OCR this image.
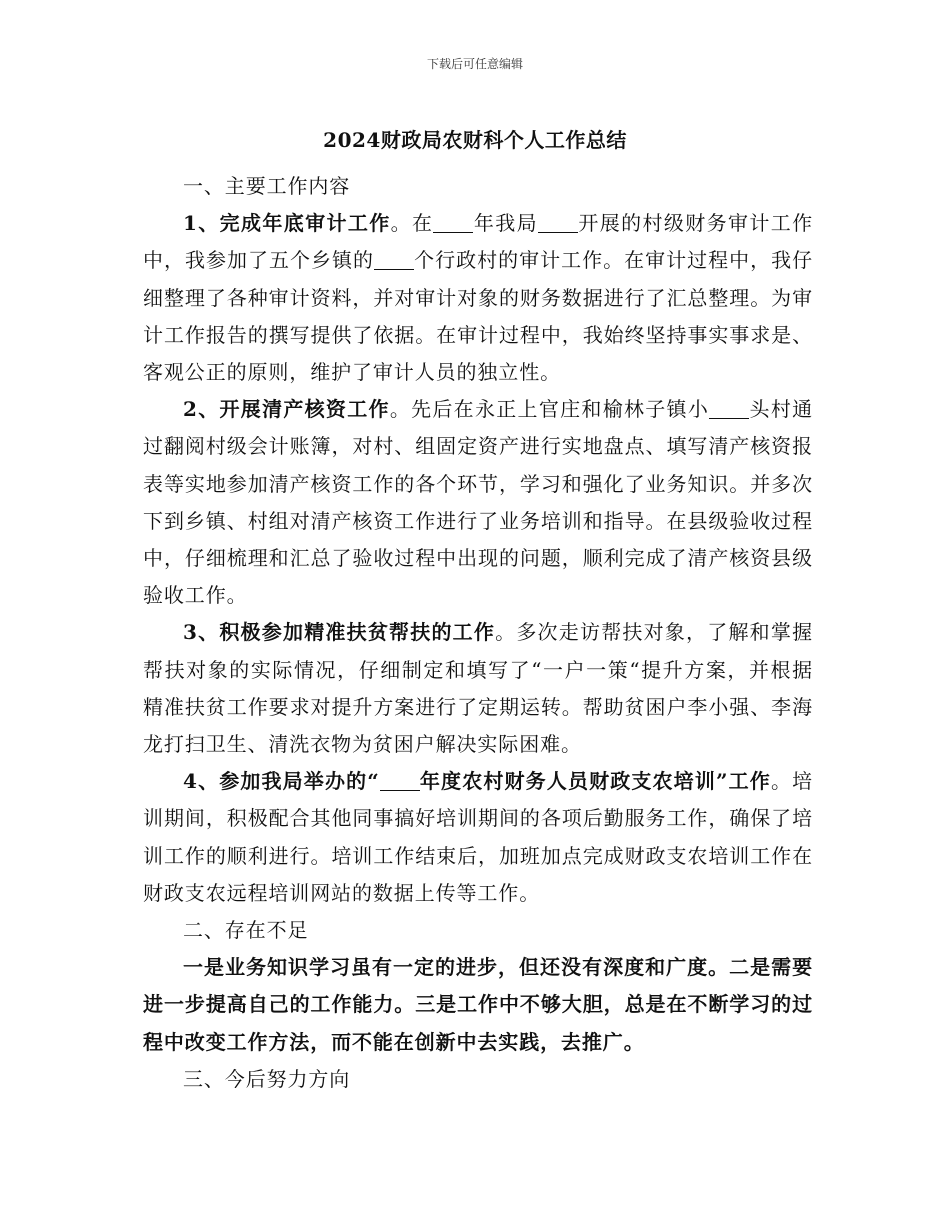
下载后可任意编辑
2024财政局农财科个人工作总结

一、主要工作内容

1、完成年底审计工作。在 年我局 开展的村级财务审计工作中，我参加了五个乡镇的 个行政村的审计工作。在审计过程中，我仔细整理了各种审计资料，并对审计对象的财务数据进行了汇总整理。为审计工作报告的撰写提供了依据。在审计过程中，我始终坚持事实事求是、客观公正的原则，维护了审计人员的独立性。

2、开展清产核资工作。先后在永正上官庄和榆林子镇小 头村通过翻阅村级会计账簿，对村、组固定资产进行实地盘点、填写清产核资报表等实地参加清产核资工作的各个环节，学习和强化了业务知识。并多次下到乡镇、村组对清产核资工作进行了业务培训和指导。在县级验收过程中，仔细梳理和汇总了验收过程中出现的问题，顺利完成了清产核资县级验收工作。

3、积极参加精准扶贫帮扶的工作。多次走访帮扶对象，了解和掌握帮扶对象的实际情况，仔细制定和填写了“一户一策“提升方案，并根据精准扶贫工作要求对提升方案进行了定期运转。帮助贫困户李小强、李海龙打扫卫生、清洗衣物为贫困户解决实际困难。

4、参加我局举办的“ 年度农村财务人员财政支农培训”工作。培训期间，积极配合其他同事搞好培训期间的各项后勤服务工作，确保了培训工作的顺利进行。培训工作结束后，加班加点完成财政支农培训工作在财政支农远程培训网站的数据上传等工作。

二、存在不足

一是业务知识学习虽有一定的进步，但还没有深度和广度。二是需要进一步提高自己的工作能力。三是工作中不够大胆，总是在不断学习的过程中改变工作方法，而不能在创新中去实践，去推广。

三、今后努力方向
